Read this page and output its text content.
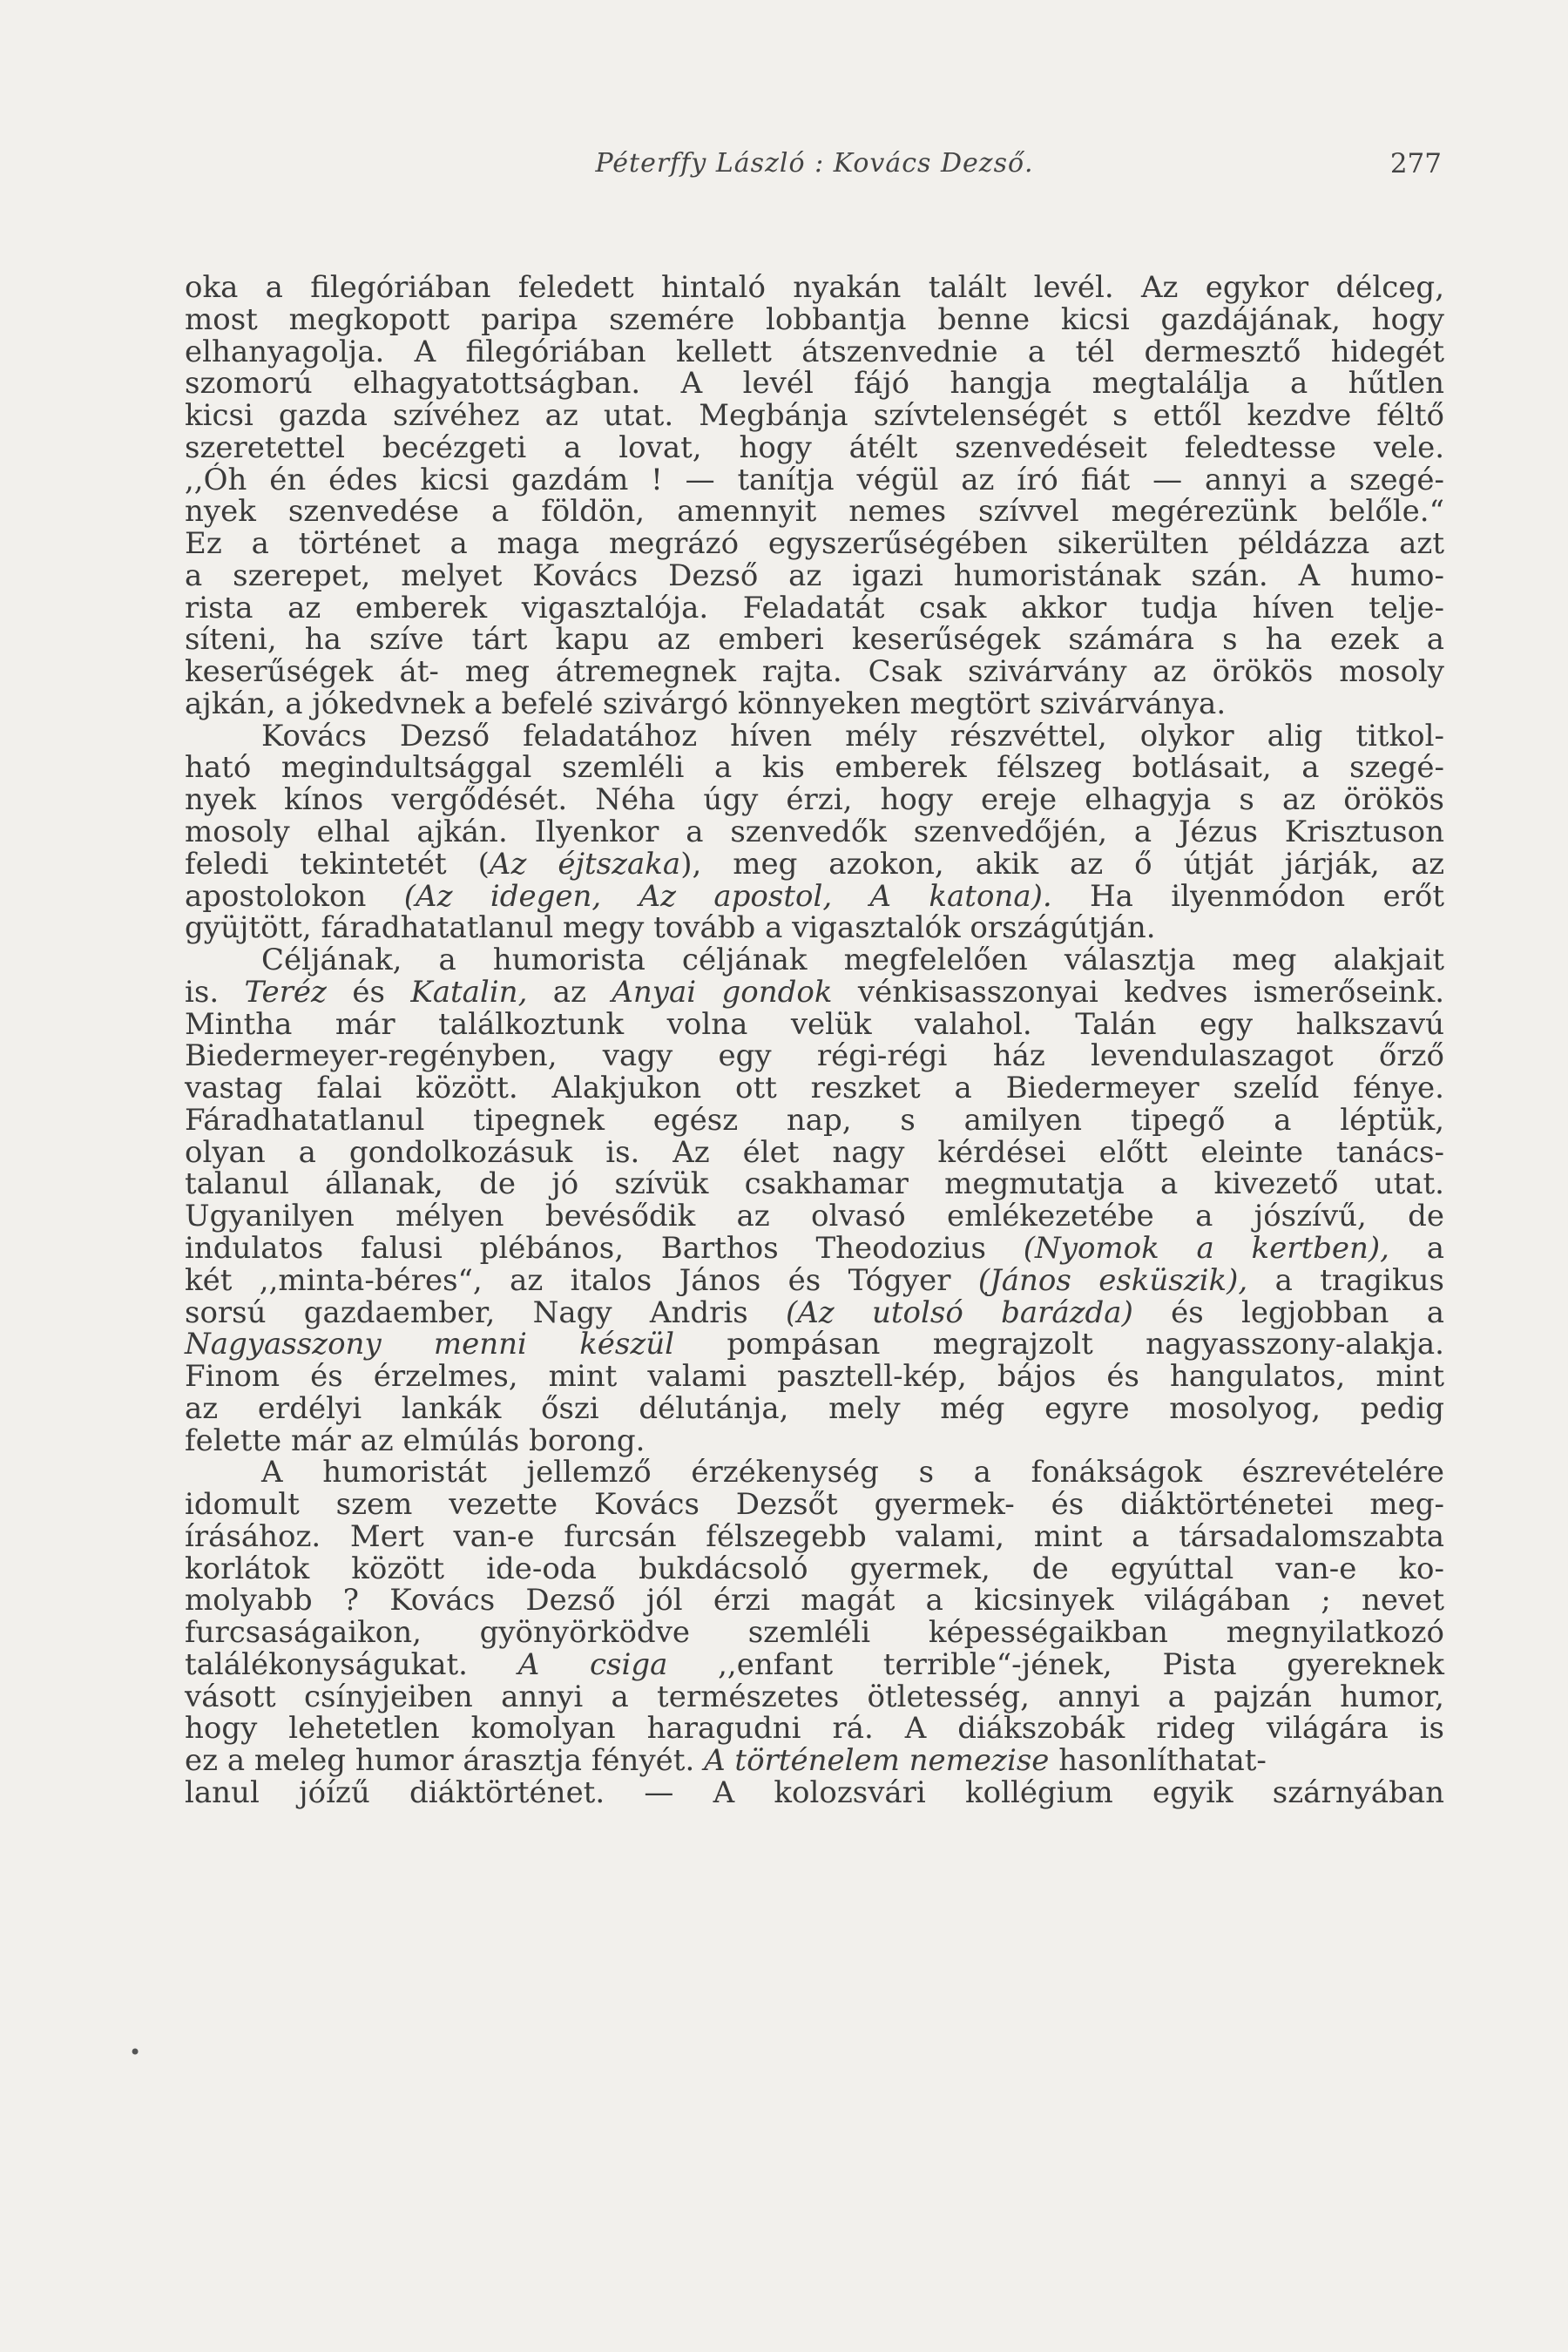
Péterffy László : Kovács Dezső.	277
oka a filegóriában feledett hintaló nyakán talált levél. Az egykor délceg,
most megkopott paripa szemére lobbantja benne kicsi gazdájának, hogy
elhanyagolja. A filegóriában kellett átszenvednie a tél dermesztő hidegét
szomorú elhagyatottságban. A levél fájó hangja megtalálja a hűtlen
kicsi gazda szívéhez az utat. Megbánja szívtelenségét s ettől kezdve féltő
szeretettel becézgeti a lovat, hogy átélt szenvedéseit feledtesse vele.
,,Óh én édes kicsi gazdám ! — tanítja végül az író fiát — annyi a szegé-
nyek szenvedése a földön, amennyit nemes szívvel megérezünk belőle.“
Ez a történet a maga megrázó egyszerűségében sikerülten példázza azt
a szerepet, melyet Kovács Dezső az igazi humoristának szán. A humo-
rista az emberek vigasztalója. Feladatát csak akkor tudja híven telje-
síteni, ha szíve tárt kapu az emberi keserűségek számára s ha ezek a
keserűségek át- meg átremegnek rajta. Csak szivárvány az örökös mosoly
ajkán, a jókedvnek a befelé szivárgó könnyeken megtört szivárványa.
Kovács Dezső feladatához híven mély részvéttel, olykor alig titkol-
ható megindultsággal szemléli a kis emberek félszeg botlásait, a szegé-
nyek kínos vergődését. Néha úgy érzi, hogy ereje elhagyja s az örökös
mosoly elhal ajkán. Ilyenkor a szenvedők szenvedőjén, a Jézus Krisztuson
feledi tekintetét (Az éjtszaka), meg azokon, akik az ő útját járják, az
apostolokon (Az idegen, Az apostol, A katona). Ha ilyenmódon erőt
gyüjtött, fáradhatatlanul megy tovább a vigasztalók országútján.
Céljának, a humorista céljának megfelelően választja meg alakjait
is. Teréz és Katalin, az Anyai gondok vénkisasszonyai kedves ismerőseink.
Mintha már találkoztunk volna velük valahol. Talán egy halkszavú
Biedermeyer-regényben, vagy egy régi-régi ház levendulaszagot őrző
vastag falai között. Alakjukon ott reszket a Biedermeyer szelíd fénye.
Fáradhatatlanul tipegnek egész nap, s amilyen tipegő a léptük,
olyan a gondolkozásuk is. Az élet nagy kérdései előtt eleinte tanács-
talanul állanak, de jó szívük csakhamar megmutatja a kivezető utat.
Ugyanilyen mélyen bevésődik az olvasó emlékezetébe a jószívű, de
indulatos falusi plébános, Barthos Theodozius (Nyomok a kertben), a
két ,,minta-béres“, az italos János és Tógyer (János esküszik), a tragikus
sorsú gazdaember, Nagy Andris (Az utolsó barázda) és legjobban a
Nagyasszony menni készül pompásan megrajzolt nagyasszony-alakja.
Finom és érzelmes, mint valami pasztell-kép, bájos és hangulatos, mint
az erdélyi lankák őszi délutánja, mely még egyre mosolyog, pedig
felette már az elmúlás borong.
A humoristát jellemző érzékenység s a fonákságok észrevételére
idomult szem vezette Kovács Dezsőt gyermek- és diáktörténetei meg-
írásához. Mert van-e furcsán félszegebb valami, mint a társadalomszabta
korlátok között ide-oda bukdácsoló gyermek, de egyúttal van-e ko-
molyabb ? Kovács Dezső jól érzi magát a kicsinyek világában ; nevet
furcsaságaikon, gyönyörködve szemléli képességaikban megnyilatkozó
találékonyságukat. A csiga ,,enfant terrible“-jének, Pista gyereknek
vásott csínyjeiben annyi a természetes ötletesség, annyi a pajzán humor,
hogy lehetetlen komolyan haragudni rá. A diákszobák rideg világára is
ez a meleg humor árasztja fényét. A történelem nemezise hasonlíthatat-
lanul jóízű diáktörténet. — A kolozsvári kollégium egyik szárnyában
•
